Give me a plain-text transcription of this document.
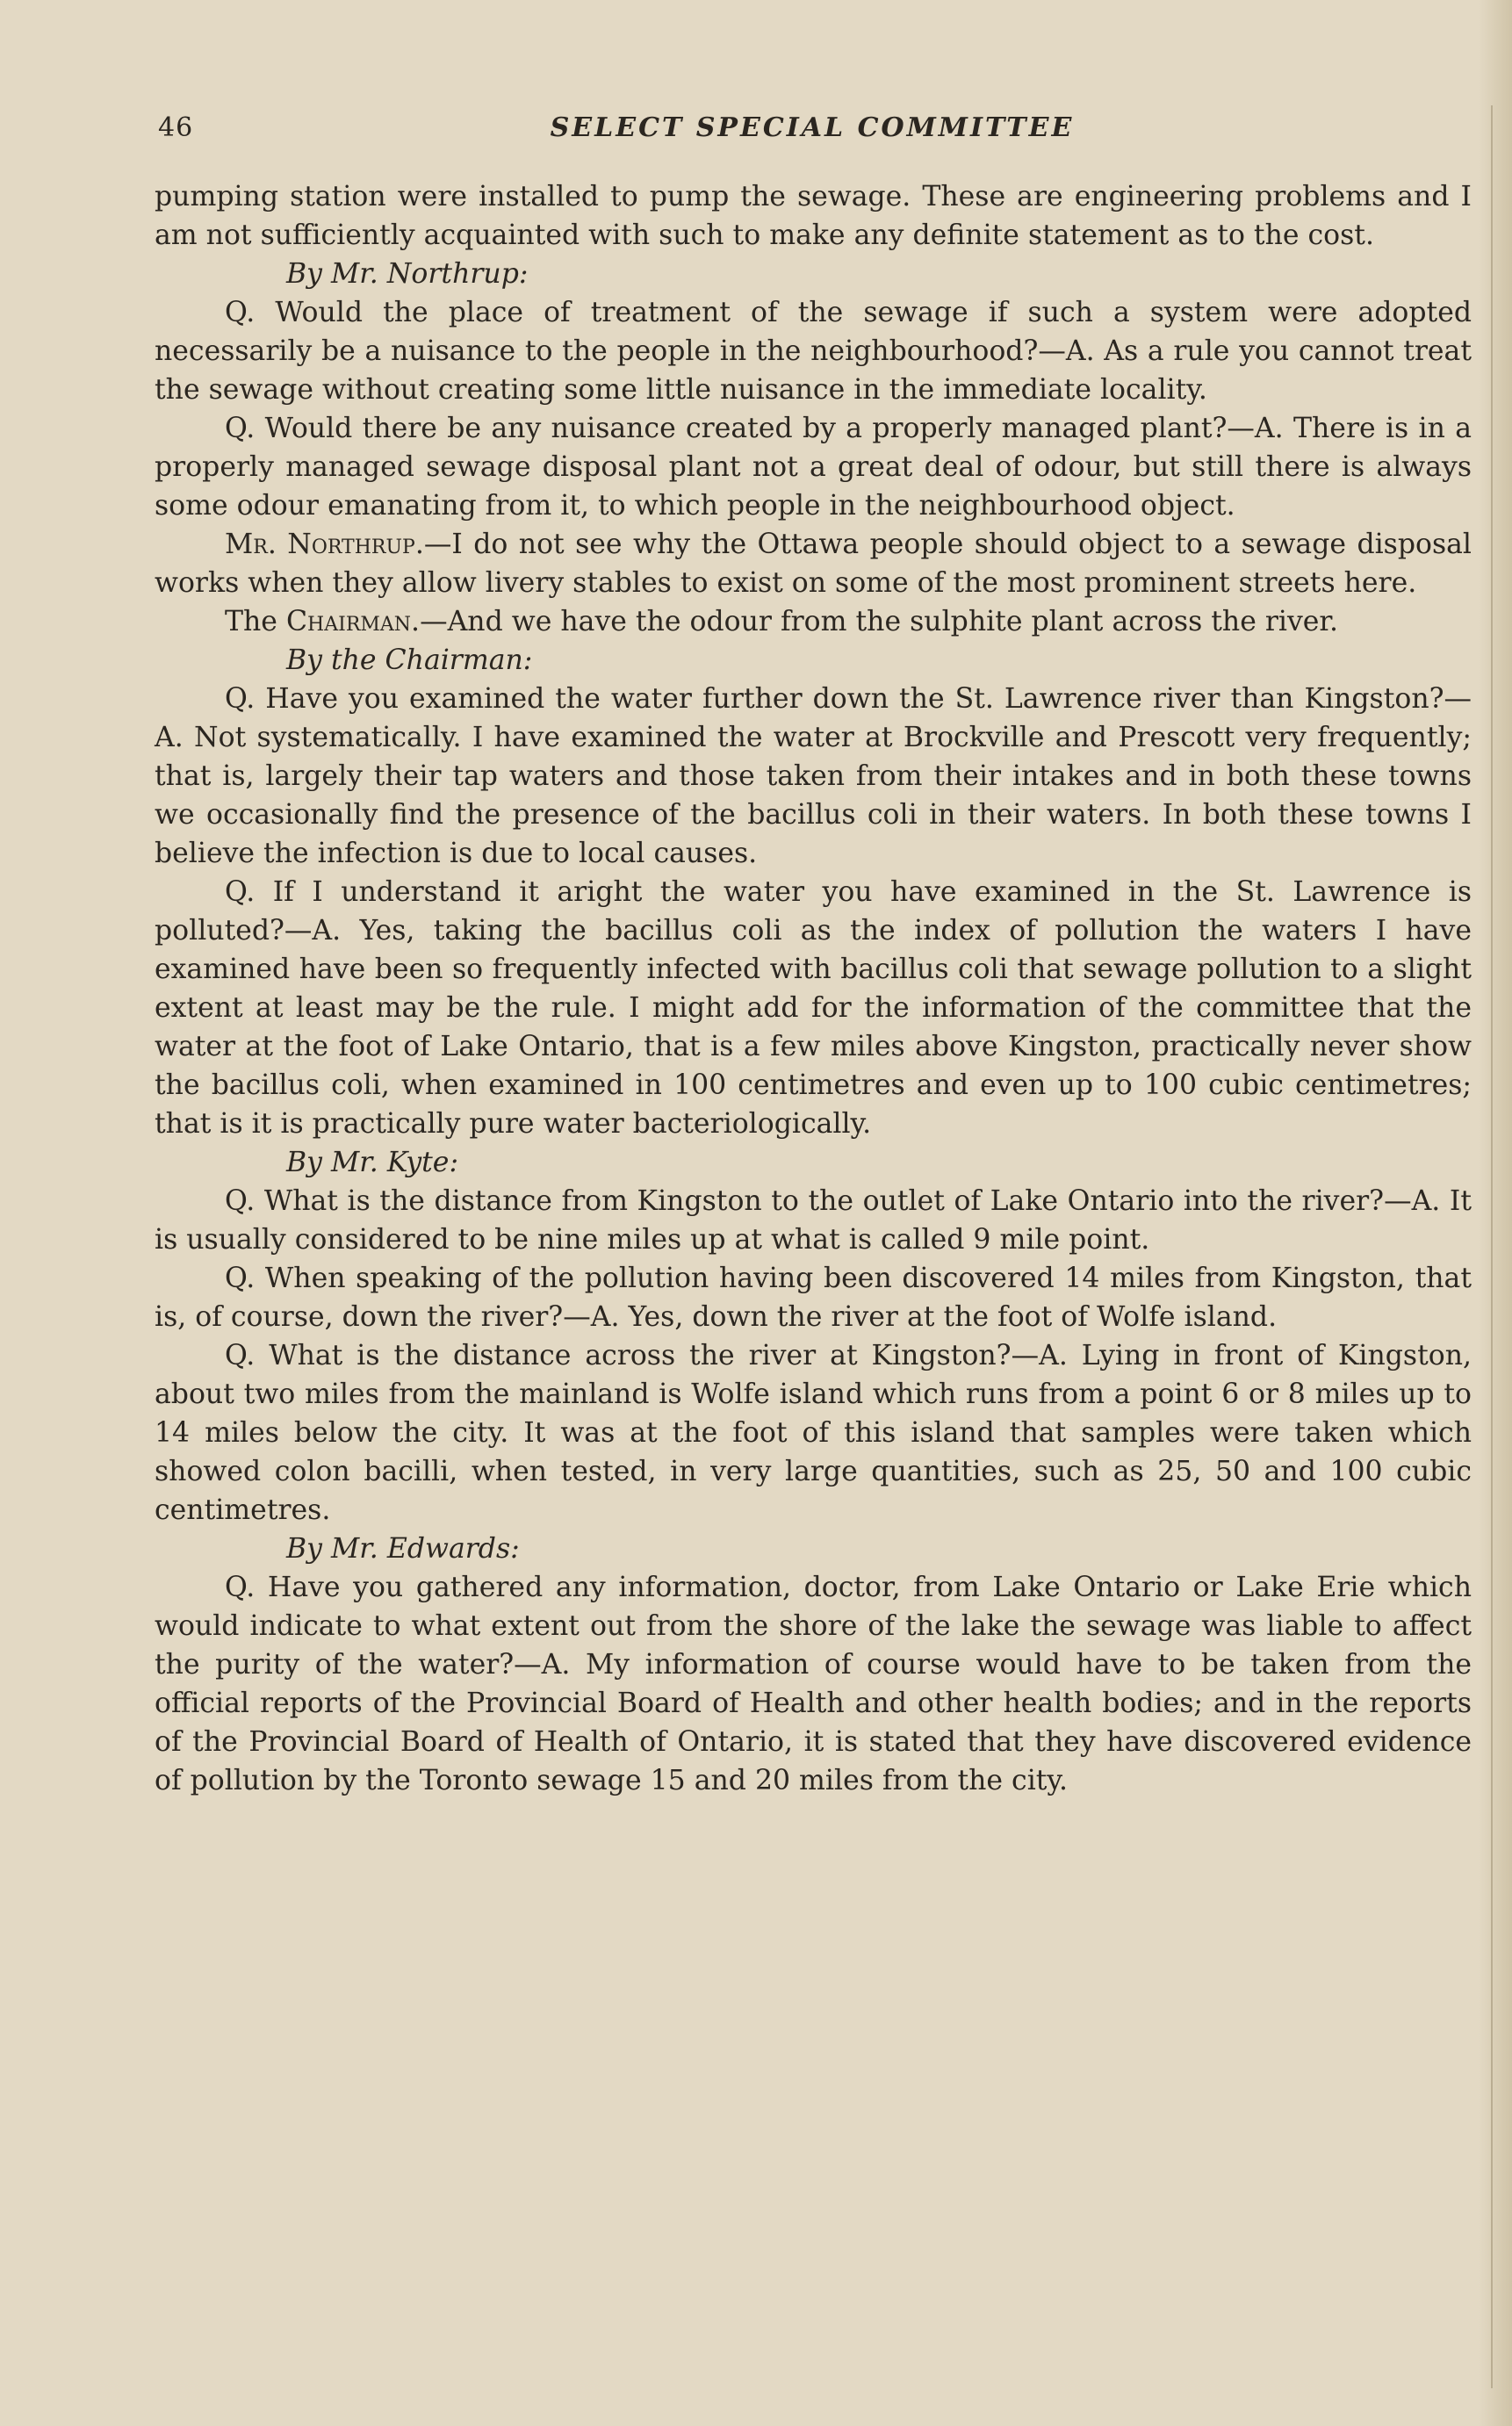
46	SELECT SPECIAL COMMITTEE

pumping station were installed to pump the sewage. These are engineering problems and I am not sufficiently acquainted with such to make any definite statement as to the cost.

By Mr. Northrup:

Q. Would the place of treatment of the sewage if such a system were adopted necessarily be a nuisance to the people in the neighbourhood?—A. As a rule you cannot treat the sewage without creating some little nuisance in the immediate locality.

Q. Would there be any nuisance created by a properly managed plant?—A. There is in a properly managed sewage disposal plant not a great deal of odour, but still there is always some odour emanating from it, to which people in the neighbourhood object.

Mr. Northrup.—I do not see why the Ottawa people should object to a sewage disposal works when they allow livery stables to exist on some of the most prominent streets here.

The Chairman.—And we have the odour from the sulphite plant across the river.

By the Chairman:

Q. Have you examined the water further down the St. Lawrence river than Kingston?—A. Not systematically. I have examined the water at Brockville and Prescott very frequently; that is, largely their tap waters and those taken from their intakes and in both these towns we occasionally find the presence of the bacillus coli in their waters. In both these towns I believe the infection is due to local causes.

Q. If I understand it aright the water you have examined in the St. Lawrence is polluted?—A. Yes, taking the bacillus coli as the index of pollution the waters I have examined have been so frequently infected with bacillus coli that sewage pollution to a slight extent at least may be the rule. I might add for the information of the committee that the water at the foot of Lake Ontario, that is a few miles above Kingston, practically never show the bacillus coli, when examined in 100 centimetres and even up to 100 cubic centimetres; that is it is practically pure water bacteriologically.

By Mr. Kyte:

Q. What is the distance from Kingston to the outlet of Lake Ontario into the river?—A. It is usually considered to be nine miles up at what is called 9 mile point.

Q. When speaking of the pollution having been discovered 14 miles from Kingston, that is, of course, down the river?—A. Yes, down the river at the foot of Wolfe island.

Q. What is the distance across the river at Kingston?—A. Lying in front of Kingston, about two miles from the mainland is Wolfe island which runs from a point 6 or 8 miles up to 14 miles below the city. It was at the foot of this island that samples were taken which showed colon bacilli, when tested, in very large quantities, such as 25, 50 and 100 cubic centimetres.

By Mr. Edwards:

Q. Have you gathered any information, doctor, from Lake Ontario or Lake Erie which would indicate to what extent out from the shore of the lake the sewage was liable to affect the purity of the water?—A. My information of course would have to be taken from the official reports of the Provincial Board of Health and other health bodies; and in the reports of the Provincial Board of Health of Ontario, it is stated that they have discovered evidence of pollution by the Toronto sewage 15 and 20 miles from the city.
